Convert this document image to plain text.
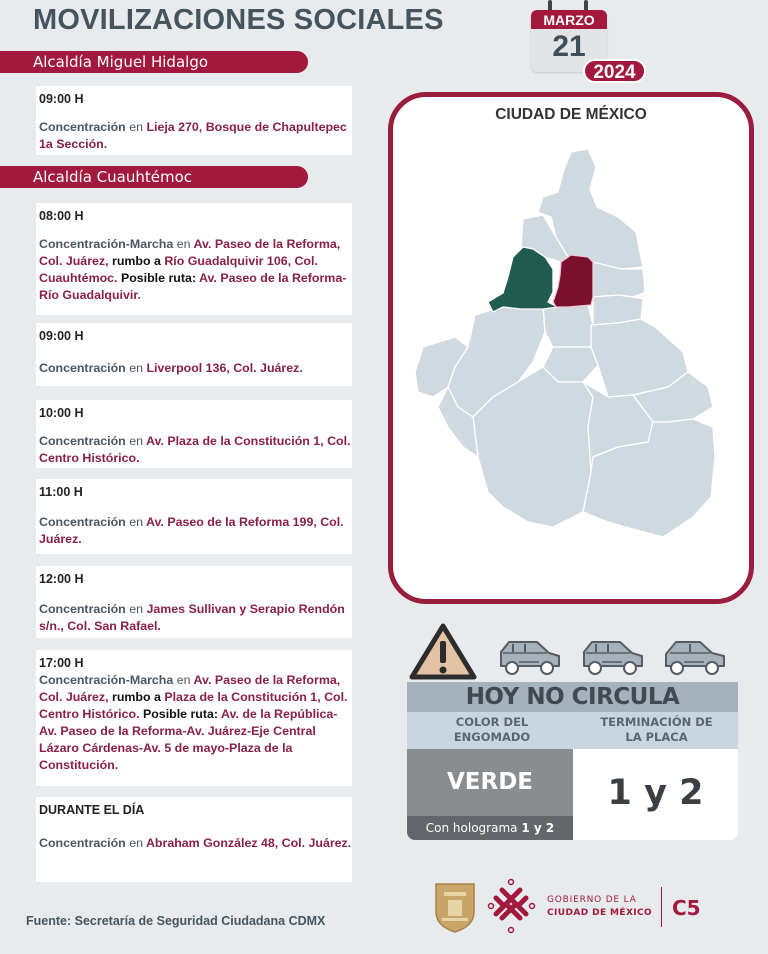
MOVILIZACIONES SOCIALES	MARZO
21
2024
Alcaldía Miguel Hidalgo
09:00 H
Concentración en Lieja 270, Bosque de Chapultepec 1a Sección.
Alcaldía Cuauhtémoc
08:00 H
Concentración-Marcha en Av. Paseo de la Reforma, Col. Juárez, rumbo a Río Guadalquivir 106, Col. Cuauhtémoc. Posible ruta: Av. Paseo de la Reforma-Río Guadalquivir.
09:00 H
Concentración en Liverpool 136, Col. Juárez.
10:00 H
Concentración en Av. Plaza de la Constitución 1, Col. Centro Histórico.
11:00 H
Concentración en Av. Paseo de la Reforma 199, Col. Juárez.
12:00 H
Concentración en James Sullivan y Serapio Rendón s/n., Col. San Rafael.
17:00 H
Concentración-Marcha en Av. Paseo de la Reforma, Col. Juárez, rumbo a Plaza de la Constitución 1, Col. Centro Histórico. Posible ruta: Av. de la República-Av. Paseo de la Reforma-Av. Juárez-Eje Central Lázaro Cárdenas-Av. 5 de mayo-Plaza de la Constitución.
DURANTE EL DÍA
Concentración en Abraham González 48, Col. Juárez.
Fuente: Secretaría de Seguridad Ciudadana CDMX
CIUDAD DE MÉXICO
HOY NO CIRCULA
COLOR DEL
ENGOMADO
TERMINACIÓN DE
LA PLACA
VERDE
Con holograma 1 y 2
1 y 2
GOBIERNO DE LA
CIUDAD DE MÉXICO C5
